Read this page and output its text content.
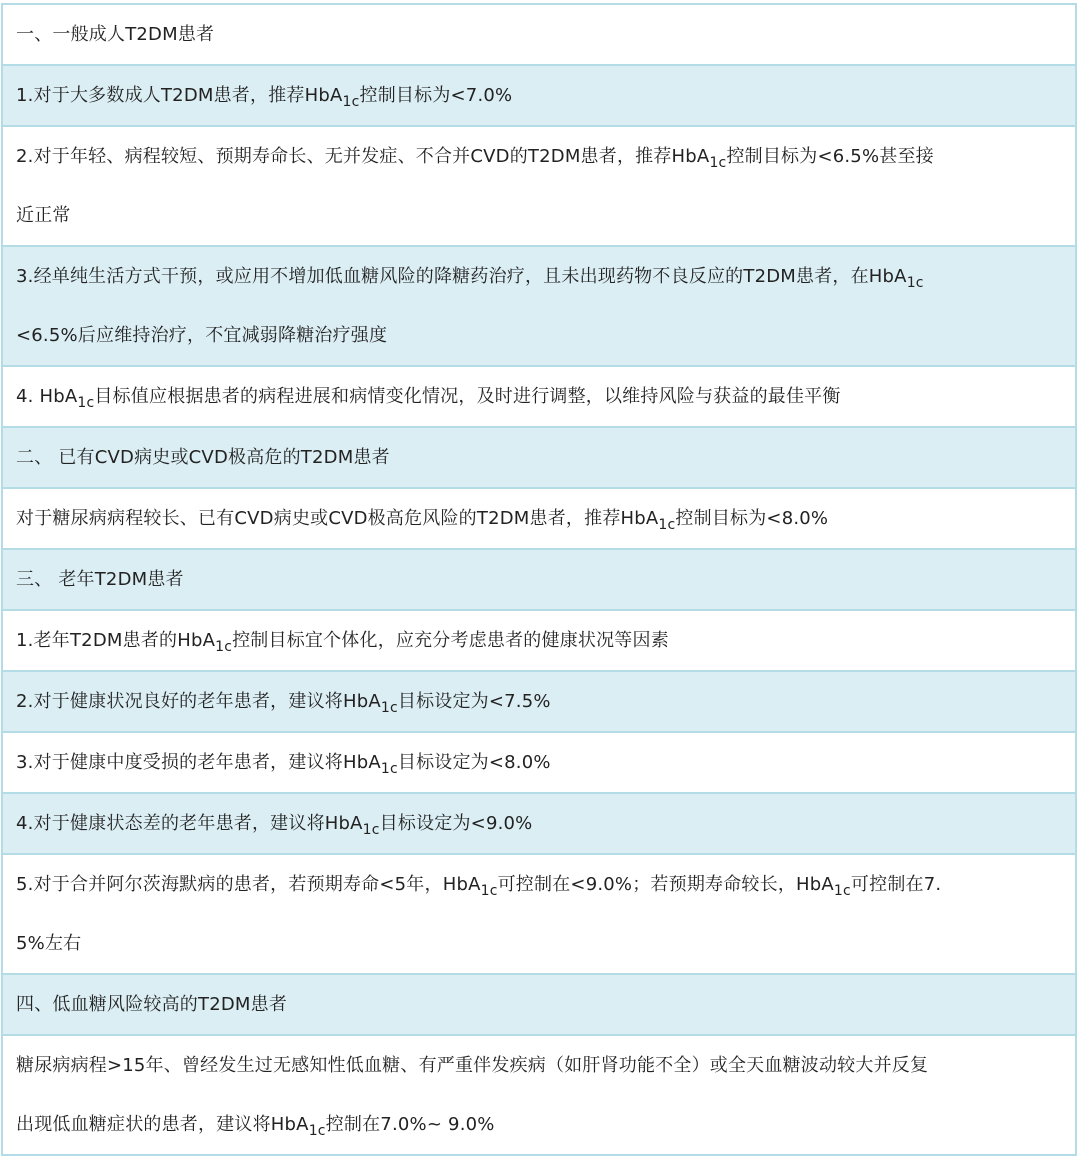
一、一般成人T2DM患者
1.对于大多数成人T2DM患者，推荐HbA$_{1c}$控制目标为<7.0%
2.对于年轻、病程较短、预期寿命长、无并发症、不合并CVD的T2DM患者，推荐HbA$_{1c}$控制目标为<6.5%甚至接
近正常
3.经单纯生活方式干预，或应用不增加低血糖风险的降糖药治疗，且未出现药物不良反应的T2DM患者，在HbA$_{1c}$
<6.5%后应维持治疗，不宜减弱降糖治疗强度
4. HbA$_{1c}$目标值应根据患者的病程进展和病情变化情况，及时进行调整，以维持风险与获益的最佳平衡
二、 已有CVD病史或CVD极高危的T2DM患者
对于糖尿病病程较长、已有CVD病史或CVD极高危风险的T2DM患者，推荐HbA$_{1c}$控制目标为<8.0%
三、 老年T2DM患者
1.老年T2DM患者的HbA$_{1c}$控制目标宜个体化，应充分考虑患者的健康状况等因素
2.对于健康状况良好的老年患者，建议将HbA$_{1c}$目标设定为<7.5%
3.对于健康中度受损的老年患者，建议将HbA$_{1c}$目标设定为<8.0%
4.对于健康状态差的老年患者，建议将HbA$_{1c}$目标设定为<9.0%
5.对于合并阿尔茨海默病的患者，若预期寿命<5年，HbA$_{1c}$可控制在<9.0%；若预期寿命较长，HbA$_{1c}$可控制在7.
5%左右
四、低血糖风险较高的T2DM患者
糖尿病病程>15年、曾经发生过无感知性低血糖、有严重伴发疾病（如肝肾功能不全）或全天血糖波动较大并反复
出现低血糖症状的患者，建议将HbA$_{1c}$控制在7.0%~ 9.0%
